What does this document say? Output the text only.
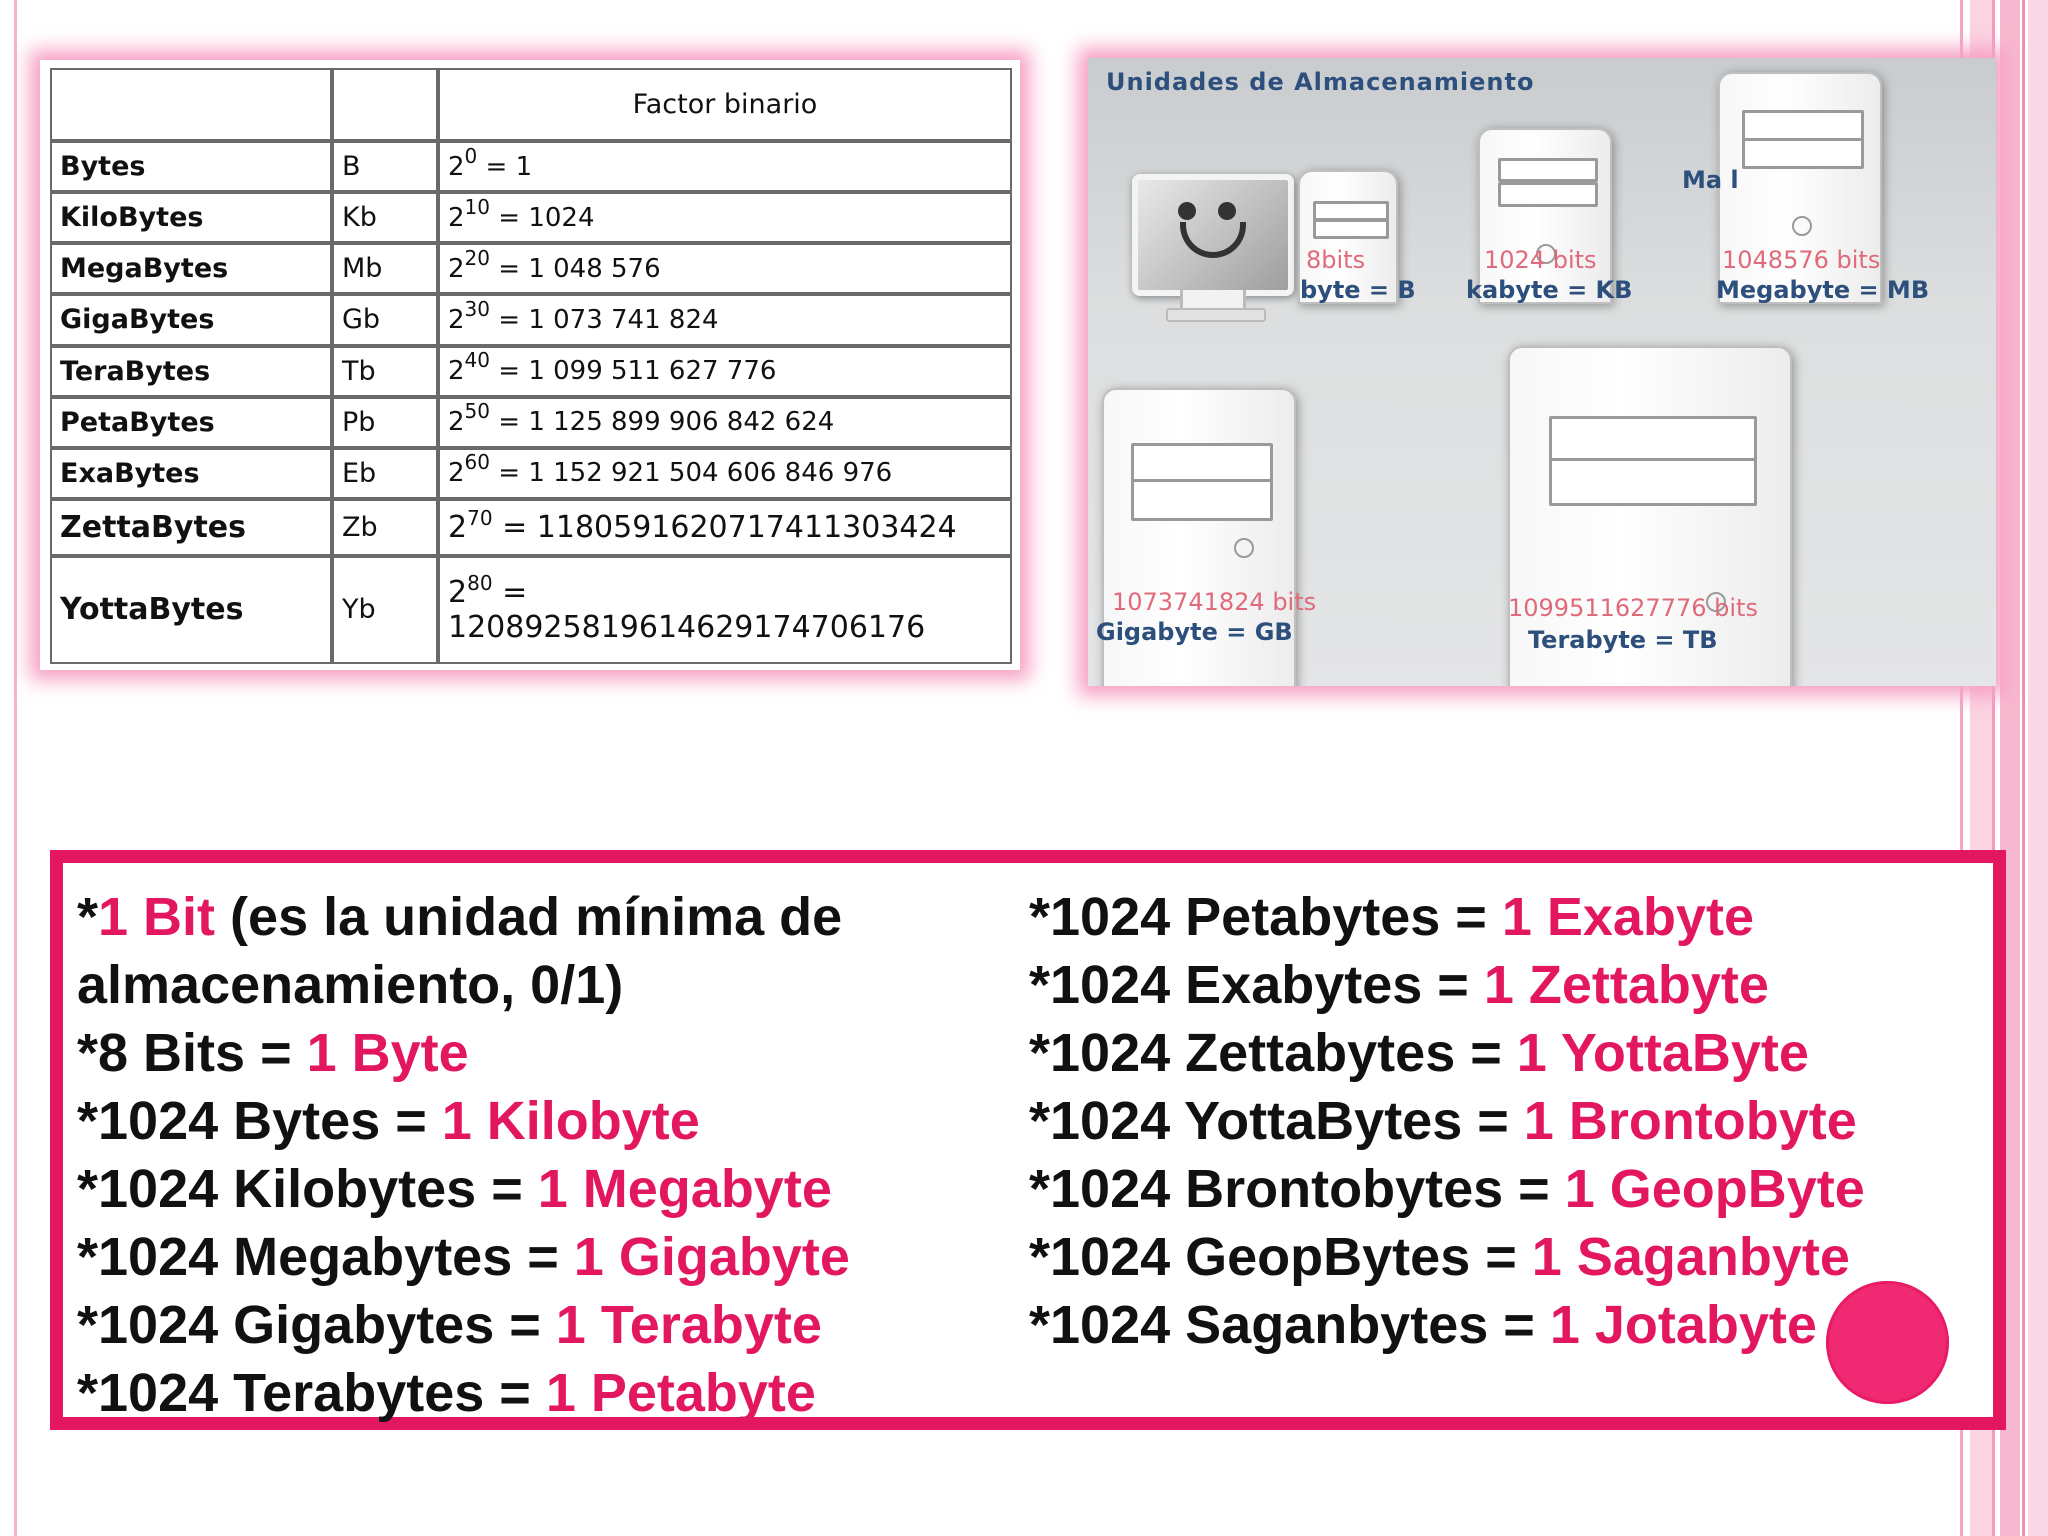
		Factor binario
Bytes	B	$2^0 = 1$
KiloBytes	Kb	$2^{10} = 1024$
MegaBytes	Mb	$2^{20} = 1$ 048 576
GigaBytes	Gb	$2^{30} = 1$ 073 741 824
TeraBytes	Tb	$2^{40} = 1$ 099 511 627 776
PetaBytes	Pb	$2^{50} = 1$ 125 899 906 842 624
ExaBytes	Eb	$2^{60} = 1$ 152 921 504 606 846 976
ZettaBytes	Zb	$2^{70} = 1180591620717411303424$
YottaBytes	Yb	$2^{80} = 1208925819614629174706176$
Unidades de Almacenamiento
8bits
byte = B
1024 bits
kabyte = KB
Ma l
1048576 bits
Megabyte = MB
1073741824 bits
Gigabyte = GB
1099511627776 bits
Terabyte = TB
*1 Bit (es la unidad mínima de
almacenamiento, 0/1)
*8 Bits = 1 Byte
*1024 Bytes = 1 Kilobyte
*1024 Kilobytes = 1 Megabyte
*1024 Megabytes = 1 Gigabyte
*1024 Gigabytes = 1 Terabyte
*1024 Terabytes = 1 Petabyte
*1024 Petabytes = 1 Exabyte
*1024 Exabytes = 1 Zettabyte
*1024 Zettabytes = 1 YottaByte
*1024 YottaBytes = 1 Brontobyte
*1024 Brontobytes = 1 GeopByte
*1024 GeopBytes = 1 Saganbyte
*1024 Saganbytes = 1 Jotabyte
